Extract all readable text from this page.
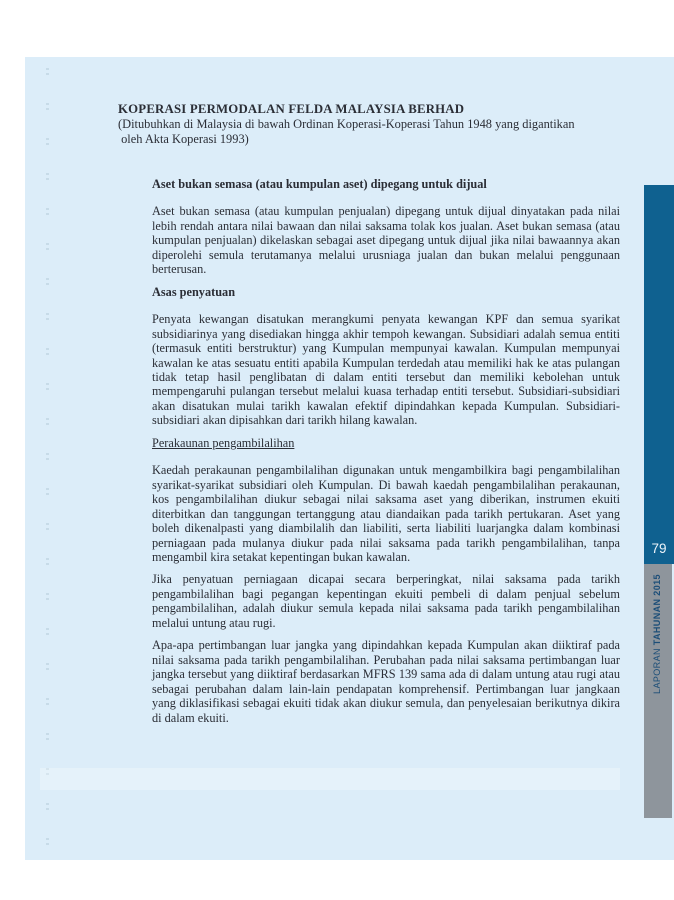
KOPERASI PERMODALAN FELDA MALAYSIA BERHAD
(Ditubuhkan di Malaysia di bawah Ordinan Koperasi-Koperasi Tahun 1948 yang digantikan
oleh Akta Koperasi 1993)
Aset bukan semasa (atau kumpulan aset) dipegang untuk dijual

Aset bukan semasa (atau kumpulan penjualan) dipegang untuk dijual dinyatakan pada nilai lebih rendah antara nilai bawaan dan nilai saksama tolak kos jualan. Aset bukan semasa (atau kumpulan penjualan) dikelaskan sebagai aset dipegang untuk dijual jika nilai bawaannya akan diperolehi semula terutamanya melalui urusniaga jualan dan bukan melalui penggunaan berterusan.

Asas penyatuan

Penyata kewangan disatukan merangkumi penyata kewangan KPF dan semua syarikat subsidiarinya yang disediakan hingga akhir tempoh kewangan. Subsidiari adalah semua entiti (termasuk entiti berstruktur) yang Kumpulan mempunyai kawalan. Kumpulan mempunyai kawalan ke atas sesuatu entiti apabila Kumpulan terdedah atau memiliki hak ke atas pulangan tidak tetap hasil penglibatan di dalam entiti tersebut dan memiliki kebolehan untuk mempengaruhi pulangan tersebut melalui kuasa terhadap entiti tersebut. Subsidiari-subsidiari akan disatukan mulai tarikh kawalan efektif dipindahkan kepada Kumpulan. Subsidiari-subsidiari akan dipisahkan dari tarikh hilang kawalan.

Perakaunan pengambilalihan

Kaedah perakaunan pengambilalihan digunakan untuk mengambilkira bagi pengambilalihan syarikat-syarikat subsidiari oleh Kumpulan. Di bawah kaedah pengambilalihan perakaunan, kos pengambilalihan diukur sebagai nilai saksama aset yang diberikan, instrumen ekuiti diterbitkan dan tanggungan tertanggung atau diandaikan pada tarikh pertukaran. Aset yang boleh dikenalpasti yang diambilalih dan liabiliti, serta liabiliti luarjangka dalam kombinasi perniagaan pada mulanya diukur pada nilai saksama pada tarikh pengambilalihan, tanpa mengambil kira setakat kepentingan bukan kawalan.

Jika penyatuan perniagaan dicapai secara berperingkat, nilai saksama pada tarikh pengambilalihan bagi pegangan kepentingan ekuiti pembeli di dalam penjual sebelum pengambilalihan, adalah diukur semula kepada nilai saksama pada tarikh pengambilalihan melalui untung atau rugi.

Apa-apa pertimbangan luar jangka yang dipindahkan kepada Kumpulan akan diiktiraf pada nilai saksama pada tarikh pengambilalihan. Perubahan pada nilai saksama pertimbangan luar jangka tersebut yang diiktiraf berdasarkan MFRS 139 sama ada di dalam untung atau rugi atau sebagai perubahan dalam lain-lain pendapatan komprehensif. Pertimbangan luar jangkaan yang diklasifikasi sebagai ekuiti tidak akan diukur semula, dan penyelesaian berikutnya dikira di dalam ekuiti.

79
LAPORAN TAHUNAN 2015
